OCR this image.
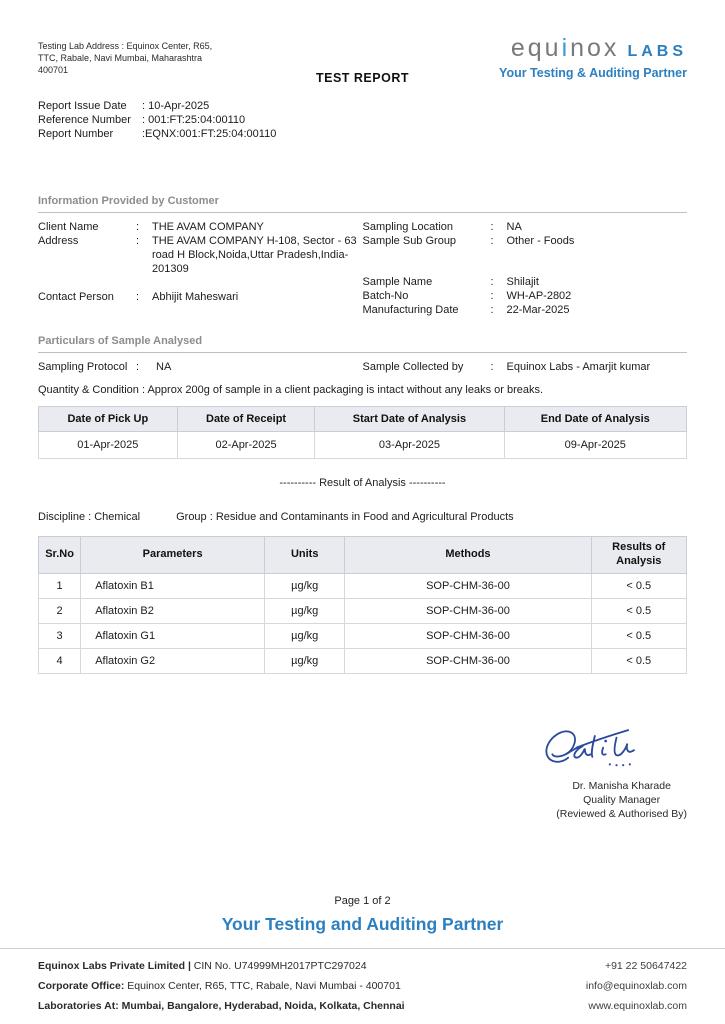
Testing Lab Address : Equinox Center, R65,
TTC, Rabale, Navi Mumbai, Maharashtra
400701
equinox LABS
Your Testing & Auditing Partner
TEST REPORT
Report Issue Date	: 10-Apr-2025
Reference Number	: 001:FT:25:04:00110
Report Number	:EQNX:001:FT:25:04:00110
Information Provided by Customer
Client Name	:	THE AVAM COMPANY
Address	:	THE AVAM COMPANY H-108, Sector - 63 road H Block,Noida,Uttar Pradesh,India-201309
Contact Person	:	Abhijit Maheswari
Sampling Location	:	NA
Sample Sub Group	:	Other - Foods
Sample Name	:	Shilajit
Batch-No	:	WH-AP-2802
Manufacturing Date	:	22-Mar-2025
Particulars of Sample Analysed
Sampling Protocol :	NA	Sample Collected by	:	Equinox Labs - Amarjit kumar
Quantity & Condition : Approx 200g of sample in a client packaging is intact without any leaks or breaks.
Date of Pick Up	Date of Receipt	Start Date of Analysis	End Date of Analysis
01-Apr-2025	02-Apr-2025	03-Apr-2025	09-Apr-2025
---------- Result of Analysis ----------
Discipline : Chemical	Group : Residue and Contaminants in Food and Agricultural Products
Sr.No	Parameters	Units	Methods	Results of Analysis
1	Aflatoxin B1	µg/kg	SOP-CHM-36-00	< 0.5
2	Aflatoxin B2	µg/kg	SOP-CHM-36-00	< 0.5
3	Aflatoxin G1	µg/kg	SOP-CHM-36-00	< 0.5
4	Aflatoxin G2	µg/kg	SOP-CHM-36-00	< 0.5
Dr. Manisha Kharade
Quality Manager
(Reviewed & Authorised By)
Page 1 of 2
Your Testing and Auditing Partner
Equinox Labs Private Limited | CIN No. U74999MH2017PTC297024	+91 22 50647422
Corporate Office: Equinox Center, R65, TTC, Rabale, Navi Mumbai - 400701	info@equinoxlab.com
Laboratories At: Mumbai, Bangalore, Hyderabad, Noida, Kolkata, Chennai	www.equinoxlab.com
